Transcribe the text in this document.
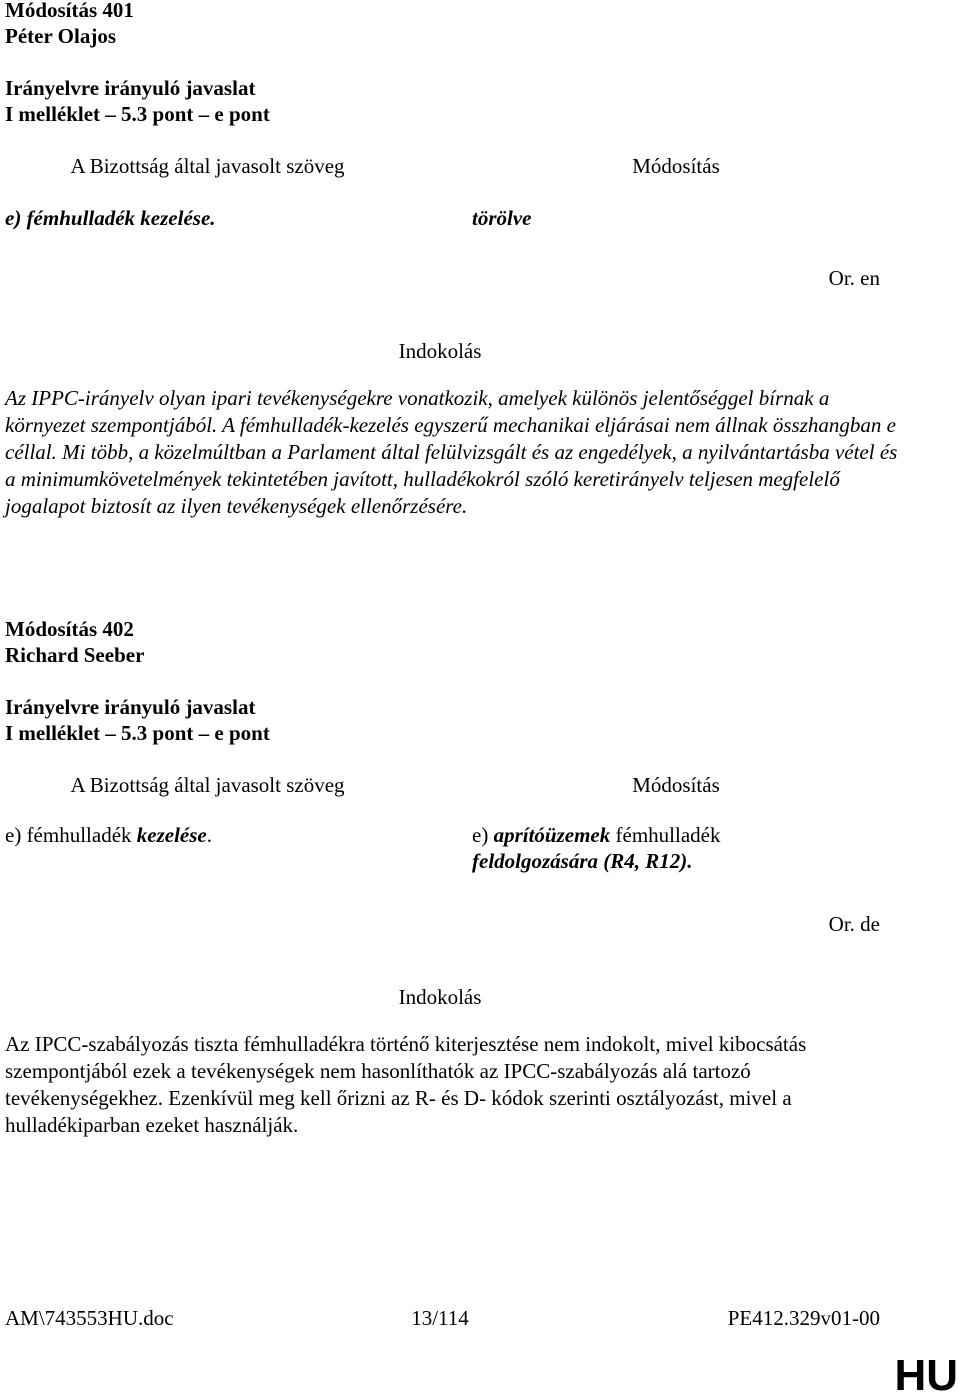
Módosítás 401
Péter Olajos
Irányelvre irányuló javaslat
I melléklet – 5.3 pont – e pont
A Bizottság által javasolt szöveg	Módosítás
e) fémhulladék kezelése.	törölve
Or. en
Indokolás
Az IPPC-irányelv olyan ipari tevékenységekre vonatkozik, amelyek különös jelentőséggel bírnak a környezet szempontjából. A fémhulladék-kezelés egyszerű mechanikai eljárásai nem állnak összhangban e céllal. Mi több, a közelmúltban a Parlament által felülvizsgált és az engedélyek, a nyilvántartásba vétel és a minimumkövetelmények tekintetében javított, hulladékokról szóló keretirányelv teljesen megfelelő jogalapot biztosít az ilyen tevékenységek ellenőrzésére.
Módosítás 402
Richard Seeber
Irányelvre irányuló javaslat
I melléklet – 5.3 pont – e pont
A Bizottság által javasolt szöveg	Módosítás
e) fémhulladék kezelése.	e) aprítóüzemek fémhulladék
feldolgozására (R4, R12).
Or. de
Indokolás
Az IPCC-szabályozás tiszta fémhulladékra történő kiterjesztése nem indokolt, mivel kibocsátás szempontjából ezek a tevékenységek nem hasonlíthatók az IPCC-szabályozás alá tartozó tevékenységekhez. Ezenkívül meg kell őrizni az R- és D- kódok szerinti osztályozást, mivel a hulladékiparban ezeket használják.
AM\743553HU.doc	13/114	PE412.329v01-00
HU
